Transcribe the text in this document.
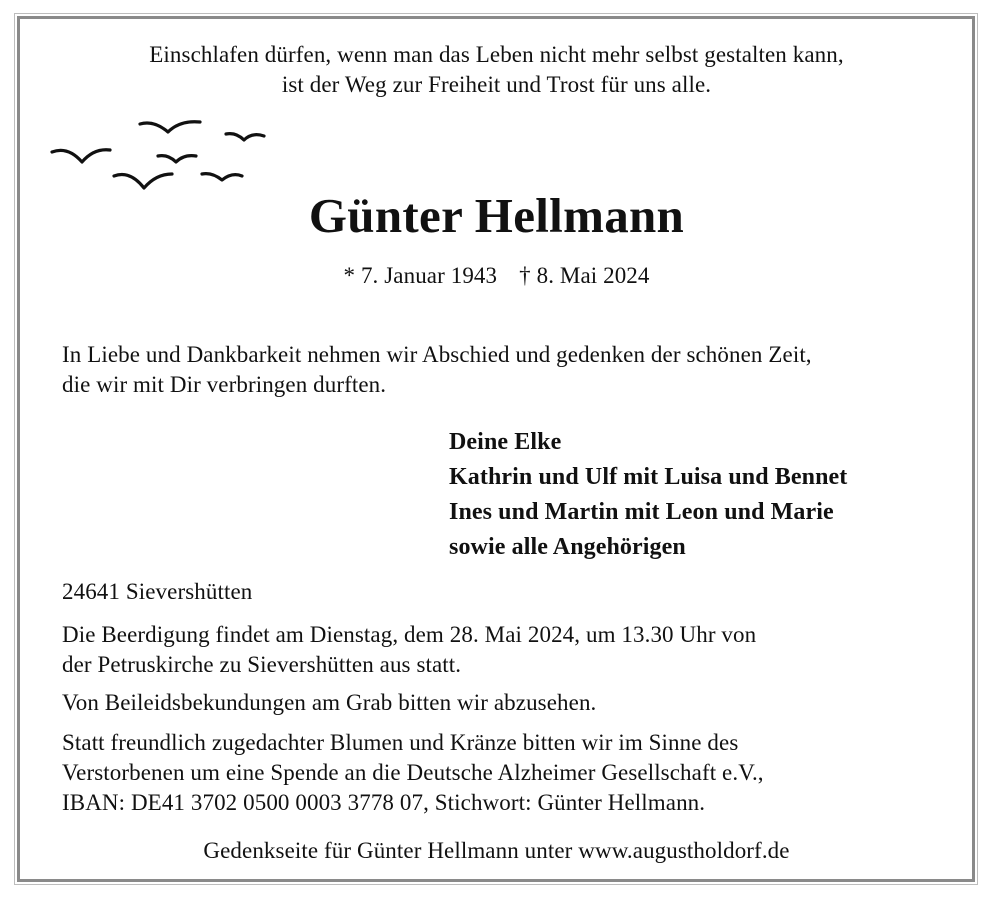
Einschlafen dürfen, wenn man das Leben nicht mehr selbst gestalten kann,
ist der Weg zur Freiheit und Trost für uns alle.
Günter Hellmann
* 7. Januar 1943 † 8. Mai 2024
In Liebe und Dankbarkeit nehmen wir Abschied und gedenken der schönen Zeit,
die wir mit Dir verbringen durften.
Deine Elke
Kathrin und Ulf mit Luisa und Bennet
Ines und Martin mit Leon und Marie
sowie alle Angehörigen
24641 Sievershütten
Die Beerdigung findet am Dienstag, dem 28. Mai 2024, um 13.30 Uhr von
der Petruskirche zu Sievershütten aus statt.
Von Beileidsbekundungen am Grab bitten wir abzusehen.
Statt freundlich zugedachter Blumen und Kränze bitten wir im Sinne des
Verstorbenen um eine Spende an die Deutsche Alzheimer Gesellschaft e.V.,
IBAN: DE41 3702 0500 0003 3778 07, Stichwort: Günter Hellmann.
Gedenkseite für Günter Hellmann unter www.augustholdorf.de
